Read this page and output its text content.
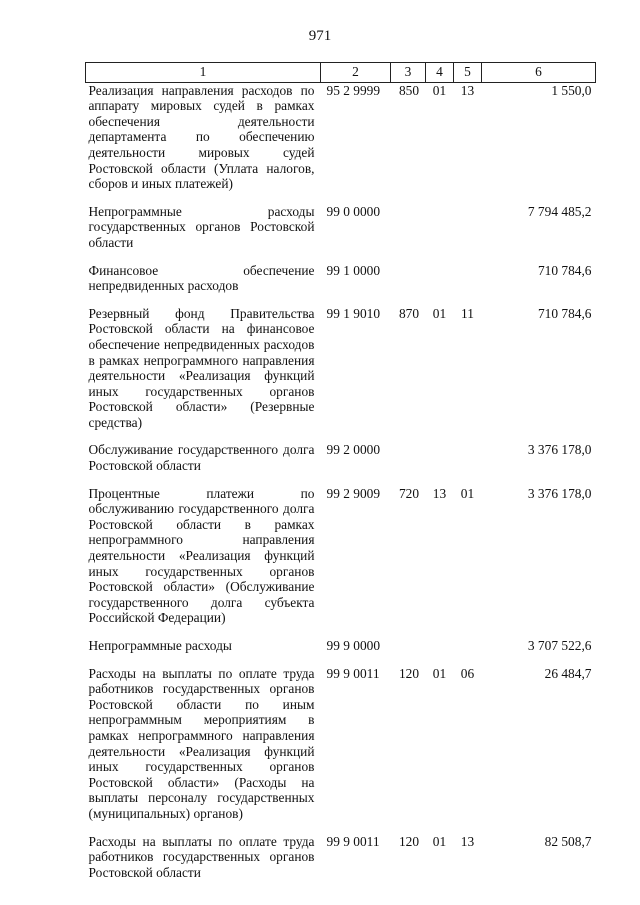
971
1	2	3	4	5	6
Реализация направления расходов по аппарату мировых судей в рамках обеспечения деятельности департамента по обеспечению деятельности мировых судей Ростовской области (Уплата налогов, сборов и иных платежей)	95 2 9999	850	01	13	1 550,0

Непрограммные расходы государственных органов Ростовской области	99 0 0000				7 794 485,2

Финансовое обеспечение непредвиденных расходов	99 1 0000				710 784,6

Резервный фонд Правительства Ростовской области на финансовое обеспечение непредвиденных расходов в рамках непрограммного направления деятельности «Реализация функций иных государственных органов Ростовской области» (Резервные средства)	99 1 9010	870	01	11	710 784,6

Обслуживание государственного долга Ростовской области	99 2 0000				3 376 178,0

Процентные платежи по обслуживанию государственного долга Ростовской области в рамках непрограммного направления деятельности «Реализация функций иных государственных органов Ростовской области» (Обслуживание государственного долга субъекта Российской Федерации)	99 2 9009	720	13	01	3 376 178,0

Непрограммные расходы	99 9 0000				3 707 522,6

Расходы на выплаты по оплате труда работников государственных органов Ростовской области по иным непрограммным мероприятиям в рамках непрограммного направления деятельности «Реализация функций иных государственных органов Ростовской области» (Расходы на выплаты персоналу государственных (муниципальных) органов)	99 9 0011	120	01	06	26 484,7

Расходы на выплаты по оплате труда работников государственных органов Ростовской области	99 9 0011	120	01	13	82 508,7
